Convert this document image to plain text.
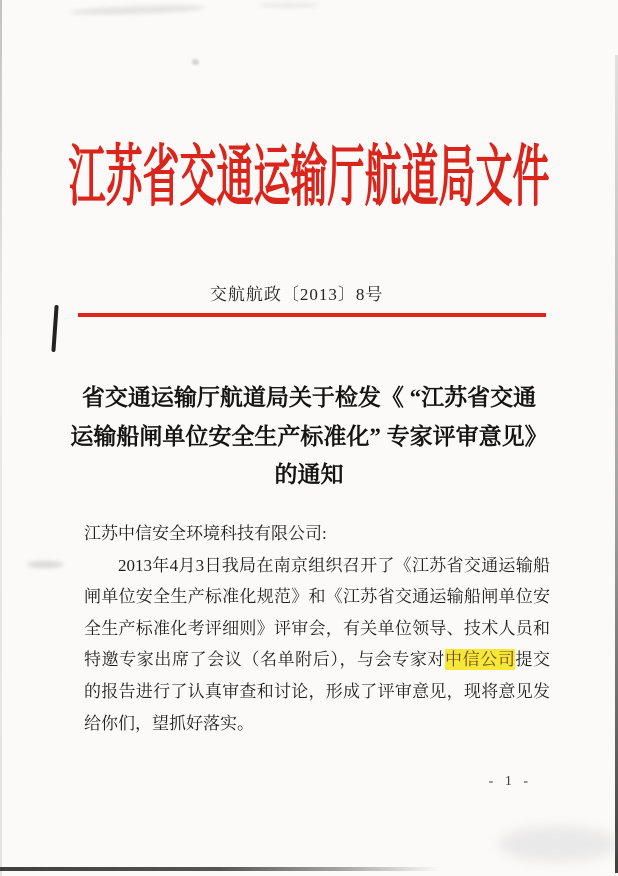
江苏省交通运输厅航道局文件
交航航政〔2013〕8号
省交通运输厅航道局关于检发《 “江苏省交通
运输船闸单位安全生产标准化” 专家评审意见》
的通知

江苏中信安全环境科技有限公司:

2013年4月3日我局在南京组织召开了《江苏省交通运输船闸单位安全生产标准化规范》和《江苏省交通运输船闸单位安全生产标准化考评细则》评审会，有关单位领导、技术人员和特邀专家出席了会议（名单附后），与会专家对中信公司提交的报告进行了认真审查和讨论，形成了评审意见，现将意见发给你们，望抓好落实。

- 1 -
